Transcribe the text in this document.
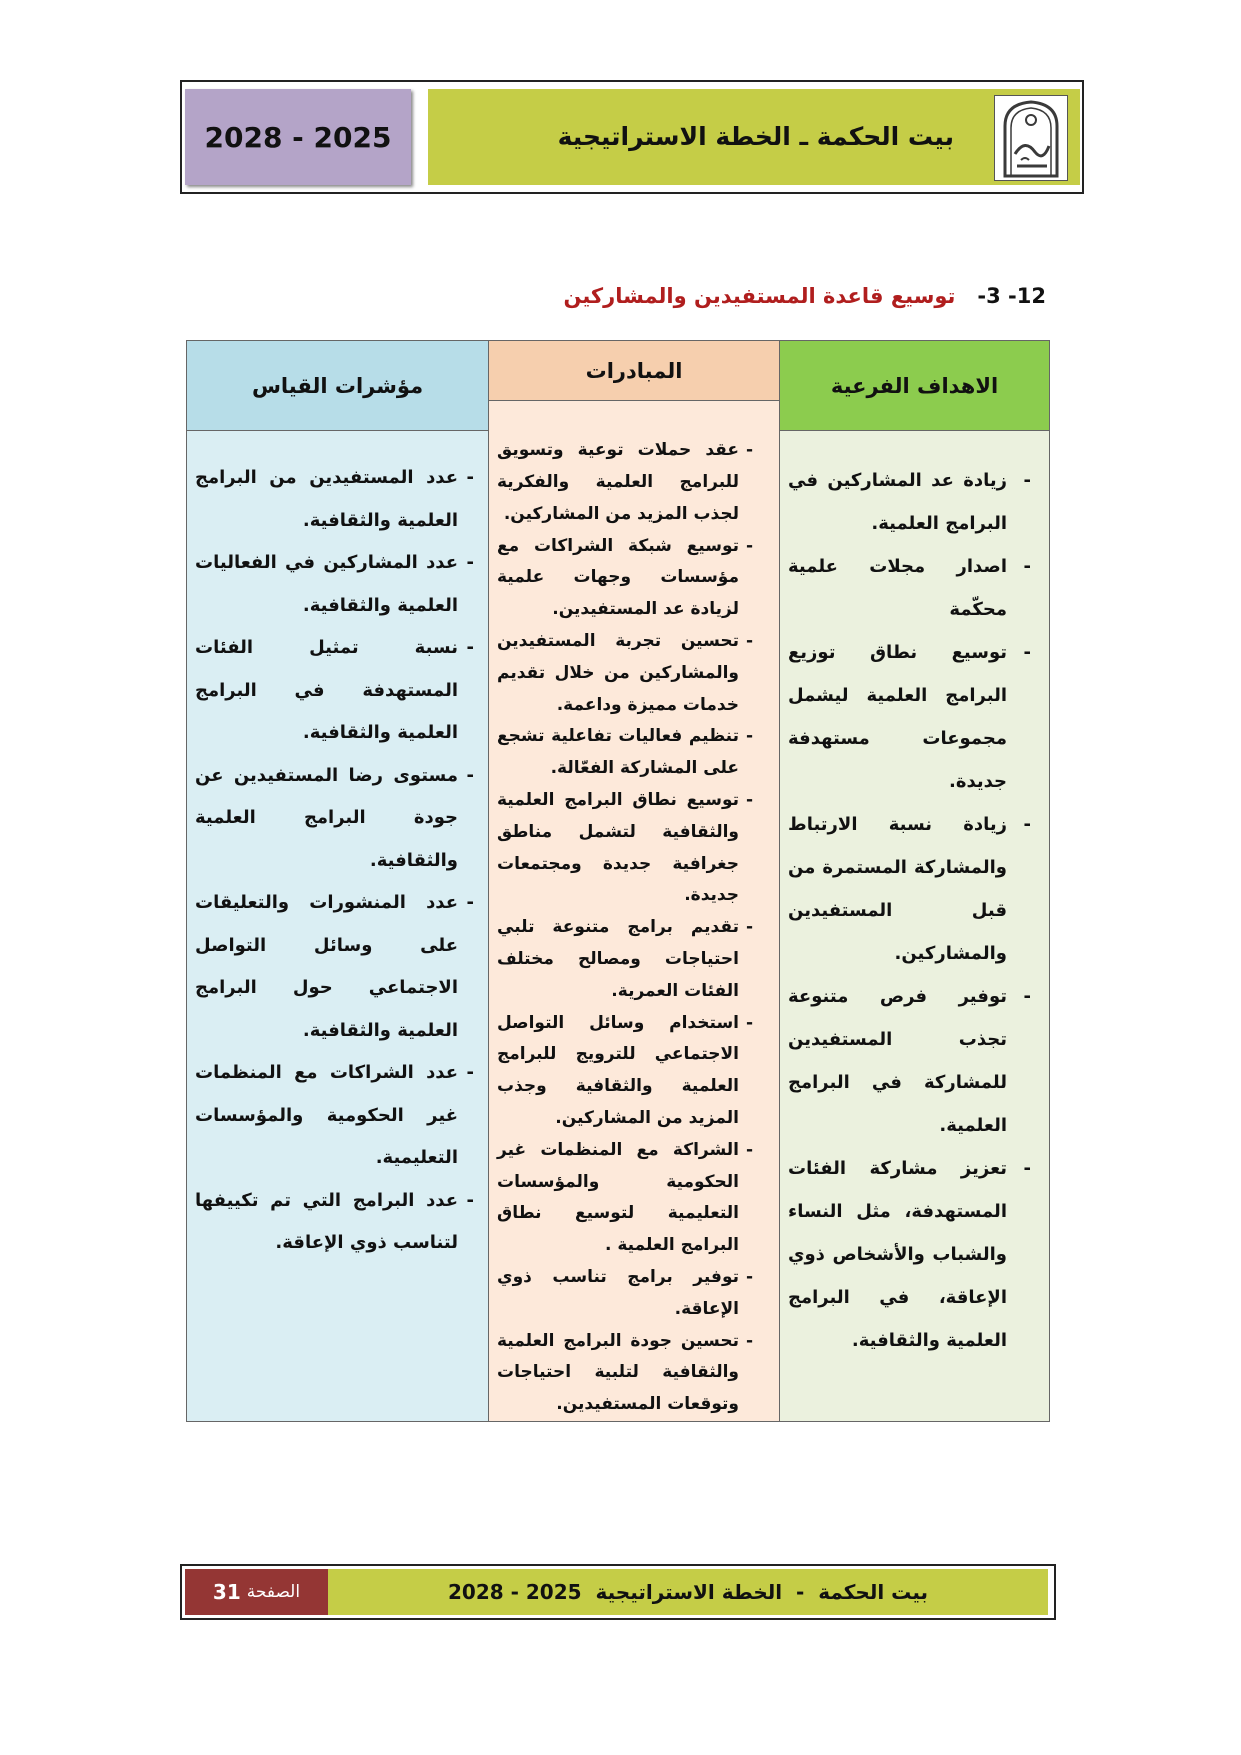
2028 - 2025	بيت الحكمة ـ الخطة الاستراتيجية
12- 3-   توسيع قاعدة المستفيدين والمشاركين
الاهداف الفرعية
- زيادة عد المشاركين في البرامج العلمية.
- اصدار مجلات علمية محكّمة
- توسيع نطاق توزيع البرامج العلمية ليشمل مجموعات مستهدفة جديدة.
- زيادة نسبة الارتباط والمشاركة المستمرة من قبل المستفيدين والمشاركين.
- توفير فرص متنوعة تجذب المستفيدين للمشاركة في البرامج العلمية.
- تعزيز مشاركة الفئات المستهدفة، مثل النساء والشباب والأشخاص ذوي الإعاقة، في البرامج العلمية والثقافية.
المبادرات
- عقد حملات توعية وتسويق للبرامج العلمية والفكرية لجذب المزيد من المشاركين.
- توسيع شبكة الشراكات مع مؤسسات وجهات علمية لزيادة عد المستفيدين.
- تحسين تجربة المستفيدين والمشاركين من خلال تقديم خدمات مميزة وداعمة.
- تنظيم فعاليات تفاعلية تشجع على المشاركة الفعّالة.
- توسيع نطاق البرامج العلمية والثقافية لتشمل مناطق جغرافية جديدة ومجتمعات جديدة.
- تقديم برامج متنوعة تلبي احتياجات ومصالح مختلف الفئات العمرية.
- استخدام وسائل التواصل الاجتماعي للترويج للبرامج العلمية والثقافية وجذب المزيد من المشاركين.
- الشراكة مع المنظمات غير الحكومية والمؤسسات التعليمية لتوسيع نطاق البرامج العلمية .
- توفير برامج تناسب ذوي الإعاقة.
- تحسين جودة البرامج العلمية والثقافية لتلبية احتياجات وتوقعات المستفيدين.
مؤشرات القياس
- عدد المستفيدين من البرامج العلمية والثقافية.
- عدد المشاركين في الفعاليات العلمية والثقافية.
- نسبة تمثيل الفئات المستهدفة في البرامج العلمية والثقافية.
- مستوى رضا المستفيدين عن جودة البرامج العلمية والثقافية.
- عدد المنشورات والتعليقات على وسائل التواصل الاجتماعي حول البرامج العلمية والثقافية.
- عدد الشراكات مع المنظمات غير الحكومية والمؤسسات التعليمية.
- عدد البرامج التي تم تكييفها لتناسب ذوي الإعاقة.
الصفحة
31	بيت الحكمة  -  الخطة الاستراتيجية  2025 - 2028
